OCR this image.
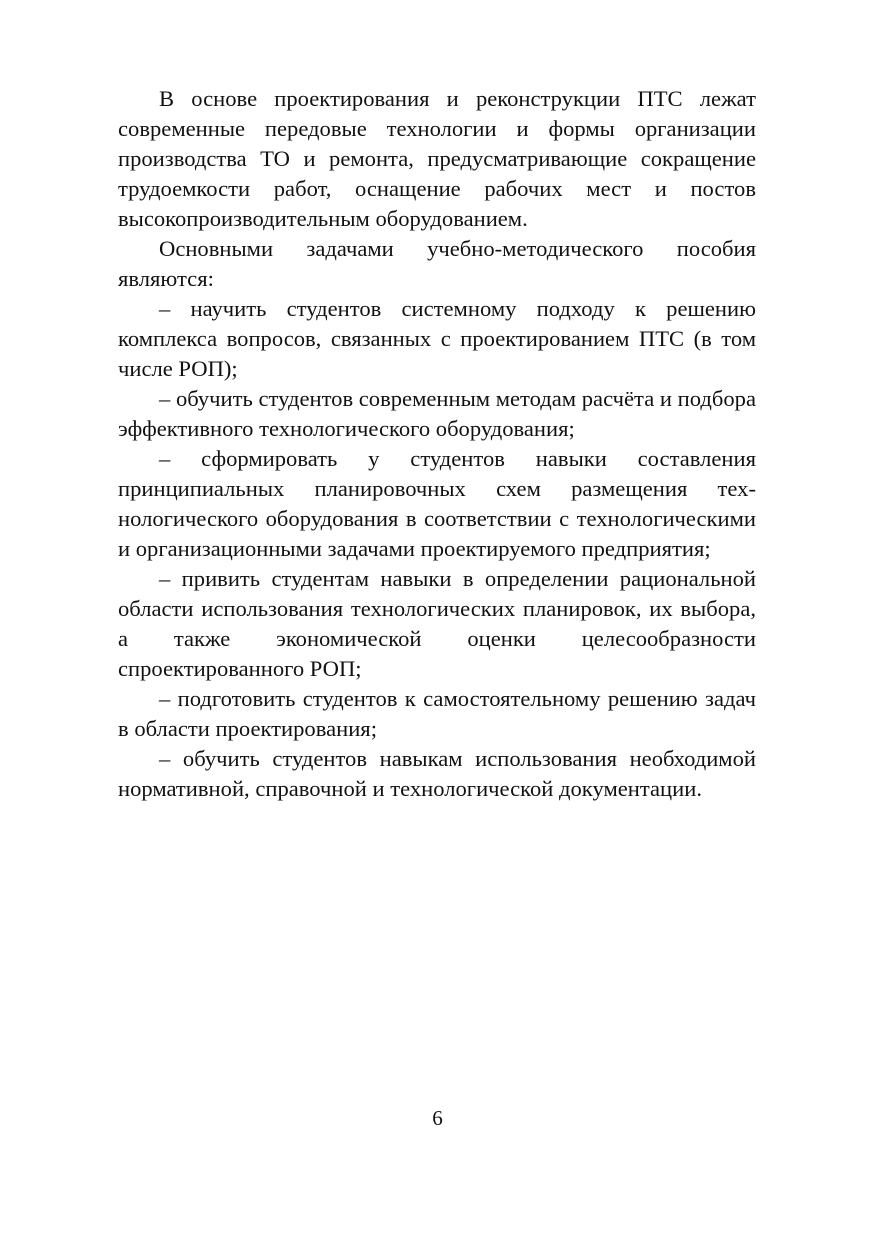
В основе проектирования и реконструкции ПТС лежат современные передовые технологии и формы организации производства ТО и ремонта, предусматривающие сокращение трудоемкости работ, оснащение рабочих мест и постов высокопроизводительным оборудованием.

Основными задачами учебно-методического пособия являются:

– научить студентов системному подходу к решению комплекса вопросов, связанных с проектированием ПТС (в том числе РОП);

– обучить студентов современным методам расчёта и подбора эффективного технологического оборудования;

– сформировать у студентов навыки составления принципиальных планировочных схем размещения технологического оборудования в соответствии с технологическими и организационными задачами проектируемого предприятия;

– привить студентам навыки в определении рациональной области использования технологических планировок, их выбора, а также экономической оценки целесообразности спроектированного РОП;

– подготовить студентов к самостоятельному решению задач в области проектирования;

– обучить студентов навыкам использования необходимой нормативной, справочной и технологической документации.

6
